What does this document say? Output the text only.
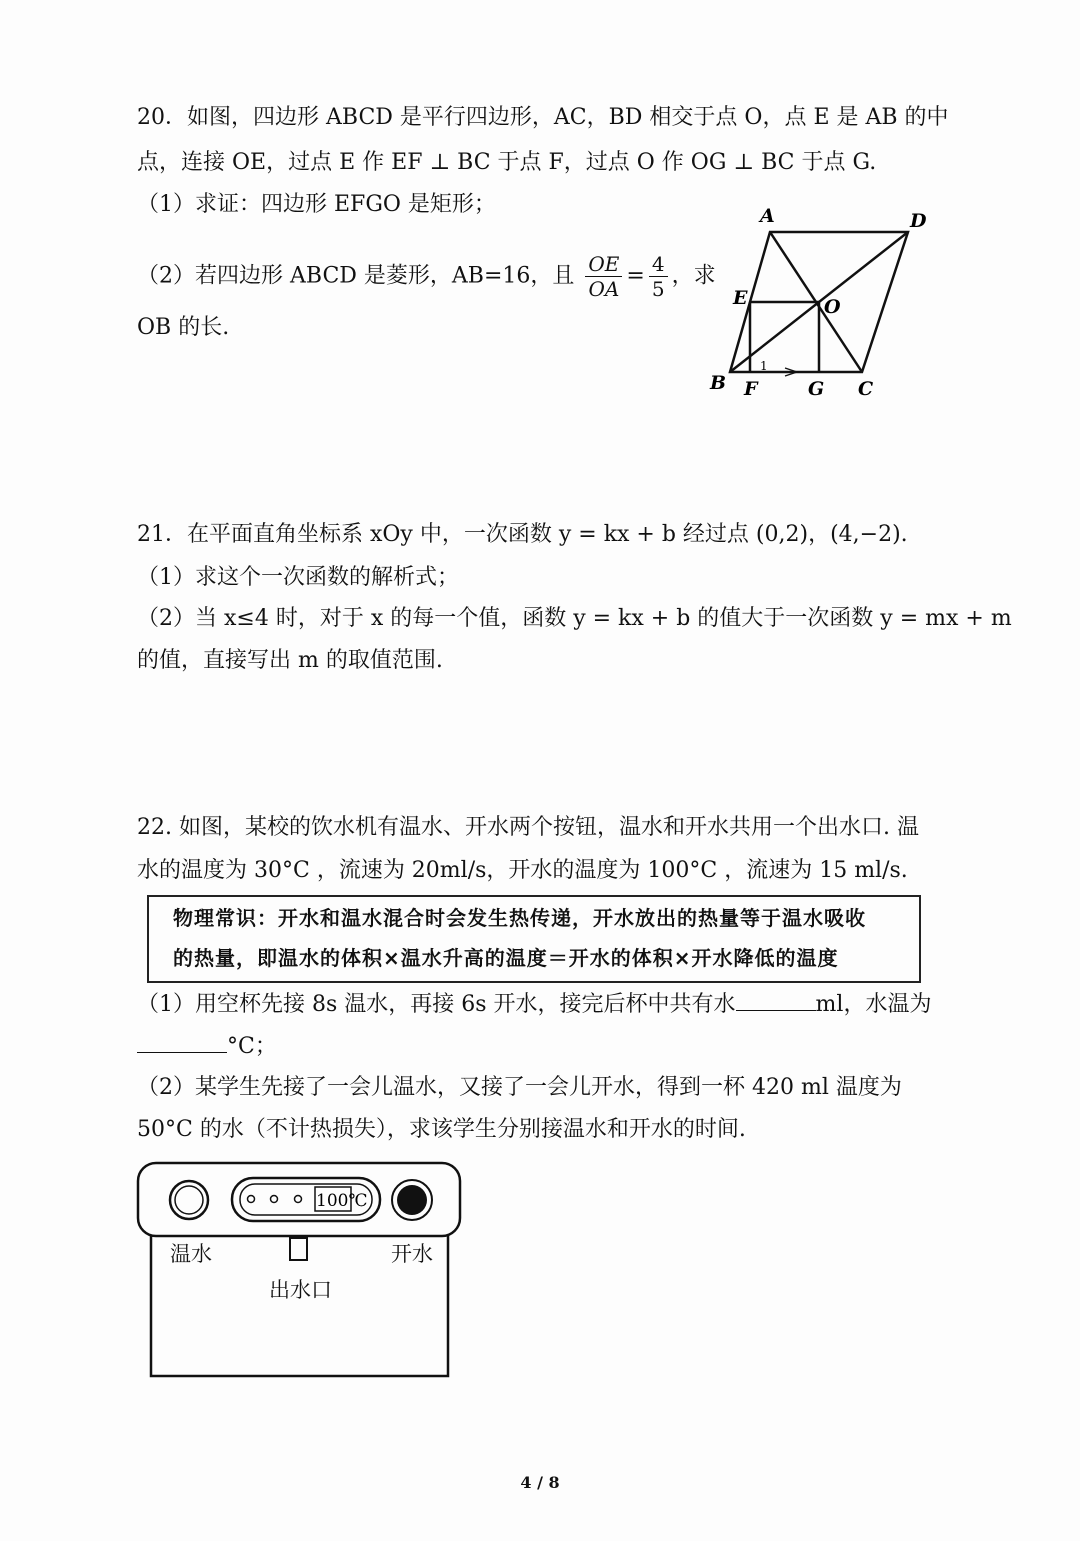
20．如图，四边形 ABCD 是平行四边形，AC，BD 相交于点 O，点 E 是 AB 的中
点，连接 OE，过点 E 作 EF ⊥ BC 于点 F，过点 O 作 OG ⊥ BC 于点 G.
（1）求证：四边形 EFGO 是矩形；
（2）若四边形 ABCD 是菱形，AB=16，且 $\frac{OE}{OA} = \frac{4}{5}$ ，求
OB 的长.
A	D
E	O
B F	G C
1
21．在平面直角坐标系 xOy 中，一次函数 y = kx + b 经过点 (0,2)，(4,−2).
（1）求这个一次函数的解析式；
（2）当 x≤4 时，对于 x 的每一个值，函数 y = kx + b 的值大于一次函数 y = mx + m
的值，直接写出 m 的取值范围.
22. 如图，某校的饮水机有温水、开水两个按钮，温水和开水共用一个出水口. 温
水的温度为 30°C ，流速为 20ml/s，开水的温度为 100°C ，流速为 15 ml/s.
物理常识：开水和温水混合时会发生热传递，开水放出的热量等于温水吸收
的热量，即温水的体积×温水升高的温度＝开水的体积×开水降低的温度
（1）用空杯先接 8s 温水，再接 6s 开水，接完后杯中共有水	ml，水温为
°C；
（2）某学生先接了一会儿温水，又接了一会儿开水，得到一杯 420 ml 温度为
50°C 的水（不计热损失），求该学生分别接温水和开水的时间.
100℃
温水	开水
出水口
4 / 8
